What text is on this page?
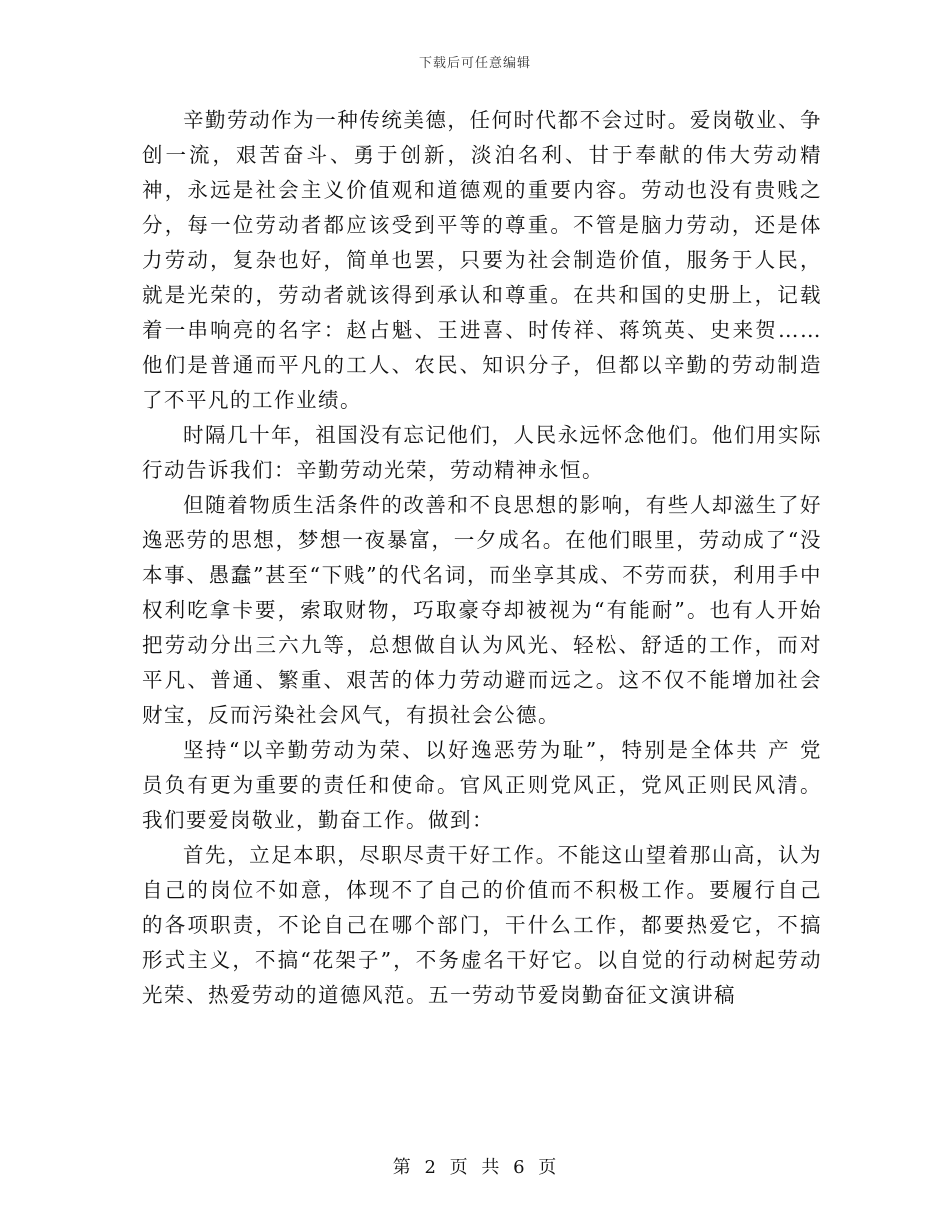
下载后可任意编辑

辛勤劳动作为一种传统美德，任何时代都不会过时。爱岗敬业、争创一流，艰苦奋斗、勇于创新，淡泊名利、甘于奉献的伟大劳动精神，永远是社会主义价值观和道德观的重要内容。劳动也没有贵贱之分，每一位劳动者都应该受到平等的尊重。不管是脑力劳动，还是体力劳动，复杂也好，简单也罢，只要为社会制造价值，服务于人民，就是光荣的，劳动者就该得到承认和尊重。在共和国的史册上，记载着一串响亮的名字：赵占魁、王进喜、时传祥、蒋筑英、史来贺……他们是普通而平凡的工人、农民、知识分子，但都以辛勤的劳动制造了不平凡的工作业绩。

时隔几十年，祖国没有忘记他们，人民永远怀念他们。他们用实际行动告诉我们：辛勤劳动光荣，劳动精神永恒。

但随着物质生活条件的改善和不良思想的影响，有些人却滋生了好逸恶劳的思想，梦想一夜暴富，一夕成名。在他们眼里，劳动成了“没本事、愚蠢”甚至“下贱”的代名词，而坐享其成、不劳而获，利用手中权利吃拿卡要，索取财物，巧取豪夺却被视为“有能耐”。也有人开始把劳动分出三六九等，总想做自认为风光、轻松、舒适的工作，而对平凡、普通、繁重、艰苦的体力劳动避而远之。这不仅不能增加社会财宝，反而污染社会风气，有损社会公德。

坚持“以辛勤劳动为荣、以好逸恶劳为耻”，特别是全体共 产 党 员负有更为重要的责任和使命。官风正则党风正，党风正则民风清。我们要爱岗敬业，勤奋工作。做到：

首先，立足本职，尽职尽责干好工作。不能这山望着那山高，认为自己的岗位不如意，体现不了自己的价值而不积极工作。要履行自己的各项职责，不论自己在哪个部门，干什么工作，都要热爱它，不搞形式主义，不搞“花架子”，不务虚名干好它。以自觉的行动树起劳动光荣、热爱劳动的道德风范。五一劳动节爱岗勤奋征文演讲稿

第 2 页 共 6 页
